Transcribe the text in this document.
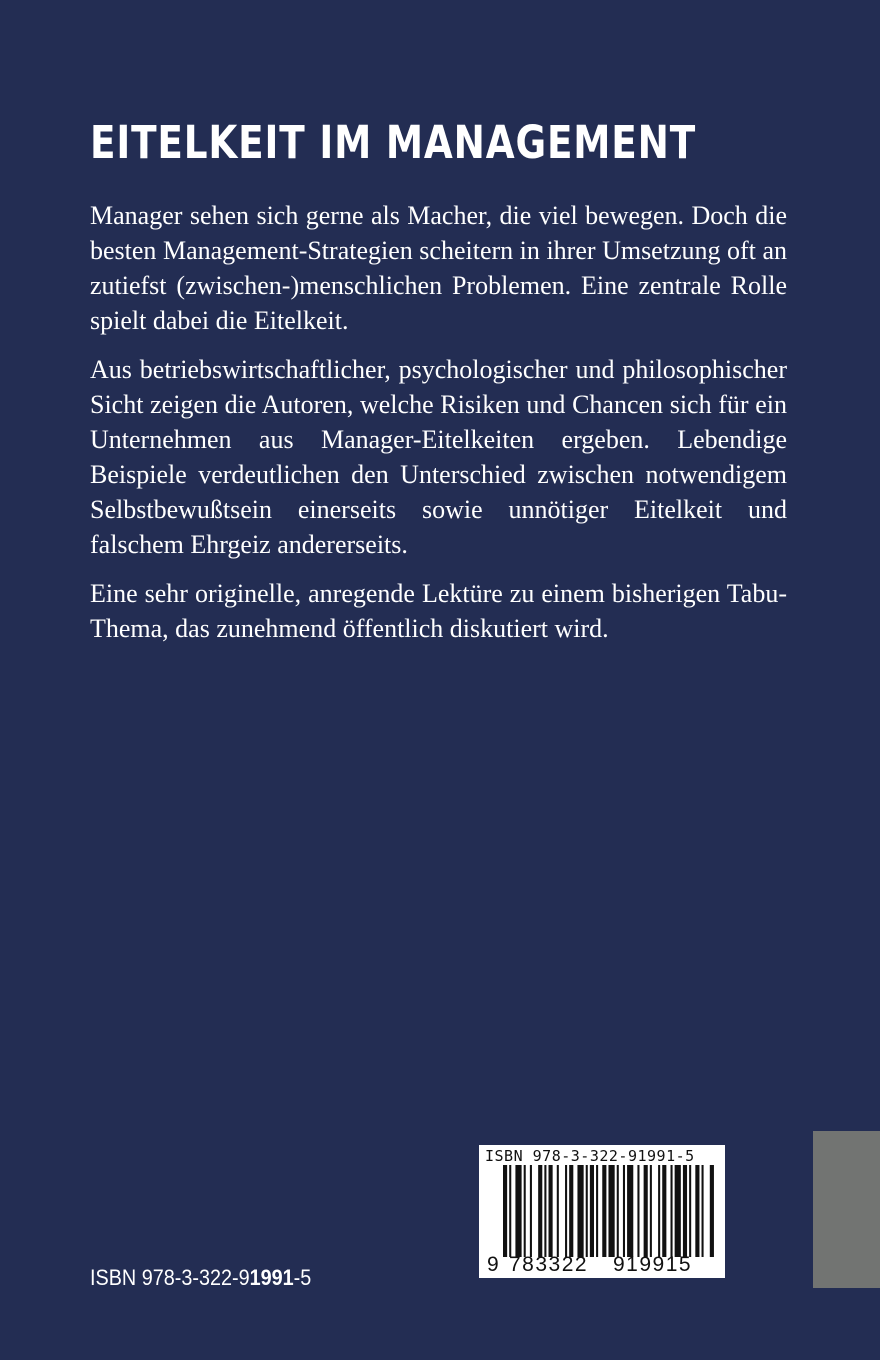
EITELKEIT IM MANAGEMENT

Manager sehen sich gerne als Macher, die viel bewegen. Doch die besten Management-Strategien scheitern in ihrer Umsetzung oft an zutiefst (zwischen-)menschlichen Problemen. Eine zentrale Rolle spielt dabei die Eitelkeit.

Aus betriebswirtschaftlicher, psychologischer und philosophischer Sicht zeigen die Autoren, welche Risiken und Chancen sich für ein Unternehmen aus Manager-Eitelkeiten ergeben. Lebendige Beispiele verdeutlichen den Unterschied zwischen notwendigem Selbstbewußtsein einerseits sowie unnötiger Eitelkeit und falschem Ehrgeiz andererseits.

Eine sehr originelle, anregende Lektüre zu einem bisherigen Tabu-Thema, das zunehmend öffentlich diskutiert wird.

ISBN 978-3-322-91991-5
9 783322 919915
ISBN 978-3-322-91991-5
